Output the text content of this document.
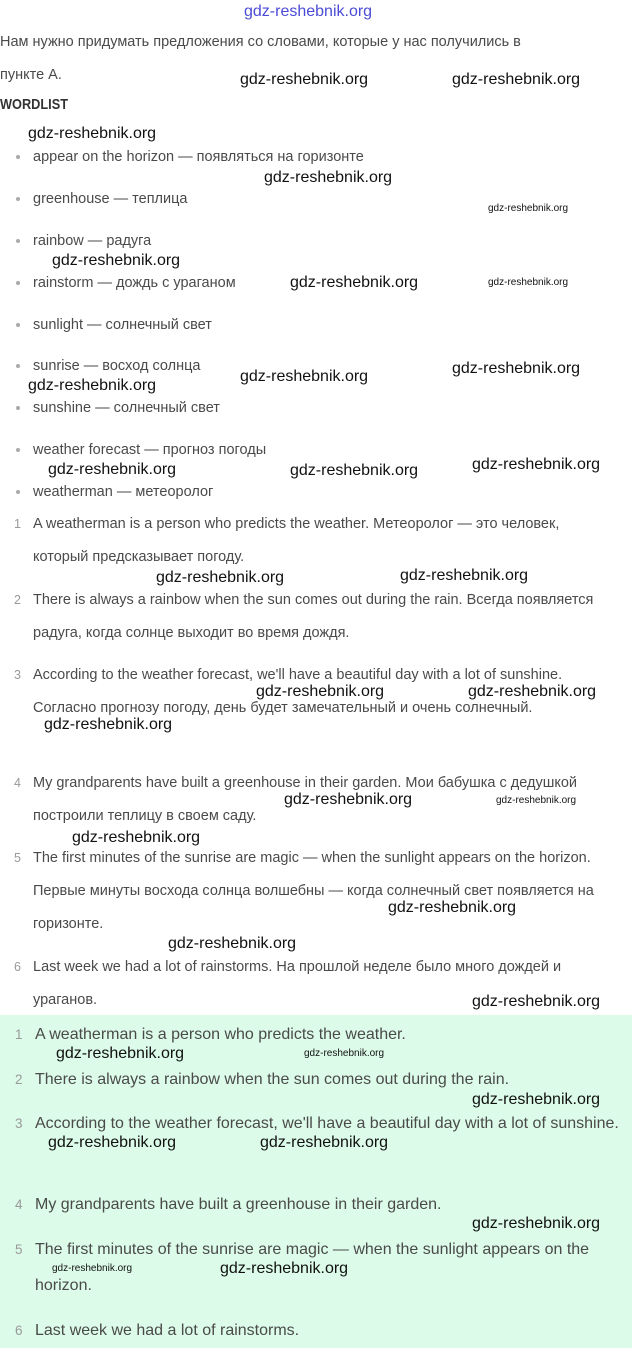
Нам нужно придумать предложения со словами, которые у нас получились в
пункте А.
WORDLIST
appear on the horizon — появляться на горизонте
greenhouse — теплица
rainbow — радуга
rainstorm — дождь с ураганом
sunlight — солнечный свет
sunrise — восход солнца
sunshine — солнечный свет
weather forecast — прогноз погоды
weatherman — метеоролог
1 A weatherman is a person who predicts the weather. Метеоролог — это человек, который предсказывает погоду.
2 There is always a rainbow when the sun comes out during the rain. Всегда появляется радуга, когда солнце выходит во время дождя.
3 According to the weather forecast, we'll have a beautiful day with a lot of sunshine. Согласно прогнозу погоду, день будет замечательный и очень солнечный.
4 My grandparents have built a greenhouse in their garden. Мои бабушка с дедушкой построили теплицу в своем саду.
5 The first minutes of the sunrise are magic — when the sunlight appears on the horizon. Первые минуты восхода солнца волшебны — когда солнечный свет появляется на горизонте.
6 Last week we had a lot of rainstorms. На прошлой неделе было много дождей и ураганов.
1 A weatherman is a person who predicts the weather.
2 There is always a rainbow when the sun comes out during the rain.
3 According to the weather forecast, we'll have a beautiful day with a lot of sunshine.
4 My grandparents have built a greenhouse in their garden.
5 The first minutes of the sunrise are magic — when the sunlight appears on the horizon.
6 Last week we had a lot of rainstorms.
gdz-reshebnik.org
gdz-reshebnik.org	gdz-reshebnik.org
gdz-reshebnik.org
gdz-reshebnik.org
gdz-reshebnik.org
gdz-reshebnik.org
gdz-reshebnik.org	gdz-reshebnik.org
gdz-reshebnik.org
gdz-reshebnik.org	gdz-reshebnik.org
gdz-reshebnik.org	gdz-reshebnik.org	gdz-reshebnik.org
gdz-reshebnik.org
gdz-reshebnik.org
gdz-reshebnik.org	gdz-reshebnik.org
gdz-reshebnik.org
gdz-reshebnik.org	gdz-reshebnik.org
gdz-reshebnik.org
gdz-reshebnik.org
gdz-reshebnik.org
gdz-reshebnik.org
gdz-reshebnik.org	gdz-reshebnik.org
gdz-reshebnik.org
gdz-reshebnik.org	gdz-reshebnik.org
gdz-reshebnik.org
gdz-reshebnik.org	gdz-reshebnik.org
